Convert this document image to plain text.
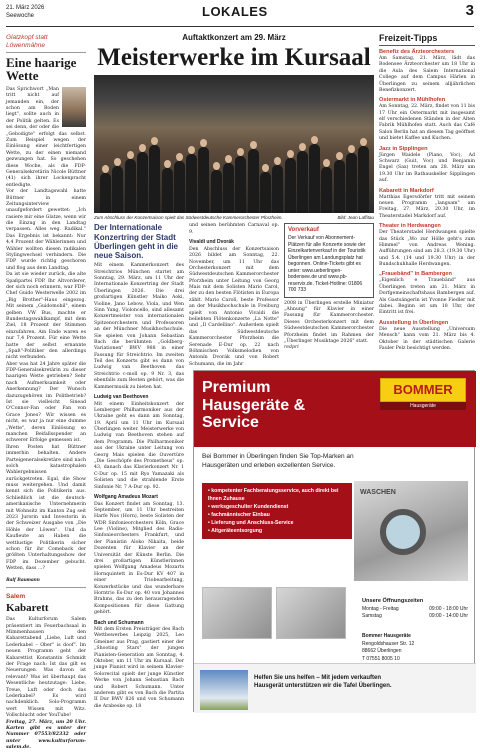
21. März 2026
Seewoche	LOKALES	3
Glatzkopf statt Löwenmähne
Eine haarige Wette

Das Sprichwort „Man tritt nicht auf jemanden ein, der schon am Boden liegt", sollte auch in der Politik gelten. Es sei denn, der oder die „Gebodigte" erfolgt das selbst. Zum Beispiel wegen der Einlösung einer leichtfertigen Wette, zu der einen niemand gezwungen hat. So geschehen diese Woche, als die FDP-Generalsekretärin Nicole Büttner (41) sich ihrer Lockenpracht entledigte.

Vor der Landtagswahl hatte Büttner in einem Zeitungsinterview unaufgefordert gewettet: „Ich rasiere mir eine Glatze, wenn wir die Einzug in den Landtag verpassen. Alles weg. Radikal." Das Ergebnis ist bekannt: Nur 4,4 Prozent der Wählerinnen und Wähler wollten diesen radikalen Stylingwechsel verhindern. Die FDP wurde richtig geschoren und flog aus dem Landtag.

Da ist sie wieder zurück, die alte Spaßpartei FDP. Ihr Altvorderer, der sich noch erinnern, war FDP-Chef Guido Westerwelle 2002 im „Big Brother"-Haus eingezog. Mit seinem „Guidomobil", einem gelben VW Bus, machte er Bundestagswahlkampf, mit dem Ziel, 18 Prozent der Stimmen einzufahren. Am Ende waren es nur 7,4 Prozent. Für eine Wette hatte der selbst ernannte „Spaß"-Politiker den allerdings nicht verbunden.

Aber was hat 24 Jahre später die FDP-Generalsekretärin zu dieser haarigen Wette getrieben? Sehr nach Aufmerksamkeit oder Anerkennung? Der Wunsch dazuzugehören im Politbetrieb? Ist sie vielleicht Sinead O'Connor-Fan oder Fan von Grace Jones? Wir wissen es nicht, es war ja nur eine dumme „Wette", deren Einlösung so manchen Beifallsspender an schwerer Erfolge gemessen ist.

Ihren Posten hat Büttner immerhin behalten. Andere Parteigeneralsekretäre sind nach solch katastrophalen Wahlergebnissen zurückgetreten. Egal, die Show muss weitergehen. Und damit kennt sich die Politikerin aus. Schließlich ist die deutsch-amerikanische Unternehmerin mit Wohnsitz im Kanton Zug seit 2023 Jurorin und Investorin in der Schweizer Ausgabe von „Die Höhle der Löwen". Und da Kaufleute an Haben die wettlustige Politikerin sicher schon für ihr Comeback der größten Unterhaltungsshow der FDP im Dezember gebucht. Wetten, dass ...?

Ralf Baumann
Salem
Kabarett

Das Kulturforum Salem präsentiert im Feuerbachsaal in Mimmenhausen den Kabarettabend „Liebe, Luft und Lederkabel – Ober" is doof". Im neuen Programm geht der Kabarettist Konstantin Schmidt der Frage nach: Ist das gilt es Neuerungen. Was davon ist relevant? Was ist überhaupt das Wesentliche heutzutage: Liebe, Treue, Luft oder doch das Lederkabel? Es wird nachdenklich. Solo-Programm wert Wissen mit Witz. Vollschlucht oder YouTube!

Freitag, 27. März, um 20 Uhr. Karten gibt es unter der Nummer 07553/82332 oder unter www.kulturforum-salem.de.

Auftaktkonzert am 29. März
Meisterwerke im Kursaal
Zum Abschluss der Konzertsaison spielt das Südwestdeutsche Kammerorchester Pforzheim.	Bild: Jean Laffitau
Der Internationale Konzertring der Stadt Überlingen geht in die neue Saison.

Mit einem Kammerkonzert des Streichtrios München startet am Sonntag, 29. März, um 11 Uhr der Internationale Konzertring der Stadt Überlingen 2026. Die drei großartigen Künstler Maiko Aoki, Violine, Jano Lebow, Viola, und Wen Sinn Yang, Violoncello, sind allesamt Konzertmeister von internationalen Spitzenorchestern und Professoren an der Münchner Musikhochschule. Sie spielen von Johann Sebastian Bach die berühmten „Goldberg-Variationen" BWV 988 in einer Fassung für Streichtrio. Im zweiten Teil des Konzerts gibt es dann von Ludwig van Beethoven das Streichtrio c-moll op. 9 Nr. 3, das ebenfalls zum Besten gehört, was die Kammermusik zu bieten hat.

Ludwig van Beethoven

Mit einem Einheitskonzert der Lemberger Philharmoniker aus der Ukraine geht es dann am Sonntag, 19. April um 11 Uhr im Kursaal Überlingen weiter. Meisterwerke von Ludwig van Beethoven stehen auf dem Programm. Die Philharmoniker aus der Ukraine unter Leitung von Georg Mais spielen die Ouvertüre „Die Geschöpfe des Prometheus" op. 43, danach das Klavierkonzert Nr. 1 C-Dur op. 15 mit Ryo Yamazaki als Solisten und die strahlende Erste Sinfonie Nr. 7 A-Dur op. 92.

Wolfgang Amadeus Mozart

Das Konzert findet am Sonntag, 13. September, um 11 Uhr bestreiten Harfe Nos (Horn), beste Solisten der WDR Sinfonieorchesters Köln, Grace Lee (Violine), Mitglied des Radio-Sinfonieorchesters Frankfurt, und der Pianistin Aloko Nikaita, beide Dozenten für Klavier an der Universität der Künste Berlin. Die drei großartigen Künstlerinnen spielen Wolfgang Amadeus Mozarts Hornquintett in Es-Dur KV 407 in einer Triobearbeitung, Konzerkstücke und das wunderbare Horntrio Es-Dur op. 40 von Johannes Brahms, das zu den herausragenden Kompositionen für diese Gattung gehört.

Bach und Schumann

Mit dem Ersten Preisträger des Bach Wettbewerbes Leipzig 2025, Leo Gmeiner aus Prag, gastiert einer der „Shooting Stars" der jungen Pianisten-Generation am Sonntag, 4. Oktober, um 11 Uhr im Kursaal. Der junge Pianist wird in seinem Klavier-Solorecital spielt der junge Künstler Werke von Johann Sebastian Bach und Robert Schumann. Unter anderem gibt es von Bach die Partita II Dur BWV 826 und von Schumann die Arabeske op. 18

und seinen berühmten Carnaval op. 9.

Vivaldi und Dvorák

Den Abschluss der Konzertsaison 2026 bildet am Sonntag, 22. November, um 11 Uhr das Orchesterkonzert mit dem Südwestdeutschen Kammerorchester Pforzheim unter Leitung von Georg Mais mit dem Solisten Mario Carol, der zu den besten Flötisten in Europa zählt. Mario Carolì, beste Professor an der Musikhochschule in Freiburg spielt von Antonio Vivaldi die beliebten Flötenkonzerte „La Notte" und „Il Cardellino". Außerdem spielt das Südwestdeutsche Kammerorchester Pforzheim die Serenade E-Dur op. 22 nach Böhmischen Volksmelodien von Antonín Dvorák und von Robert Schumann, die im Jahr

Vorverkauf
Der Verkauf von Abonnement-Plätzen für alle Konzerte sowie der Einzelkartenverkauf in der Touristik Überlingen am Landungsplatz hat begonnen. Online-Tickets gibt es unter: www.ueberlingen-bodensee.de und www.pb-reservix.de. Ticket-Hotline: 01806 700 733

2008 in Überlingen erstelle Miniatur „Ahnung" für Klavier in einer Fassung für Kammerorchester. Dieses Orchesterkonzert mit dem Südwestdeutschen Kammerorchester Pforzheim findet im Rahmen der „Überlinger Musiktage 2026" statt.

redpri

Freizeit-Tipps
Benefiz des Ärzteorchesters
Am Samstag, 21. März, lädt das Bodensee Ärzteorchester um 18 Uhr in die Aula des Salem International College auf dem Campus Härlen in Überlingen zu seinem alljährlichen Benefizkonzert.
Ostermarkt in Mühlhofen
Am Sonntag, 22. März, findet von 11 bis 17 Uhr ein Ostermarkt mit insgesamt elf verschiedenen Ständen in der Alten Fabrik Mühlhofen statt. Auch das Café Salon Berlin hat an diesem Tag geöffnet und bietet Kaffee und Kuchen.
Jazz in Sipplingen
Jürgen Waidele (Piano, Voc), Ad Schwarz (Guit, Voc) und Benjamin Engel (Sax) treten am 28. März um 19.30 Uhr im Rathauskeller Sipplingen auf.
Kabarett in Markdorf
Matthias Egersdörfer tritt mit seinem neuen Programm „langsam" am Freitag, 27. März, 20.30 Uhr, im Theaterstadel Markdorf auf.
Theater in Herdwangen
Der Theaterstadel Herdwangen spielte das Stück „Wo zur Hölle geht's zum Himmel" von Andreas Wening. Aufführungen sind am 28.3. (19.30 Uhr) und 5.4. (14 und 19.30 Uhr) in der Bundschuhhalle Herdwangen.
„Frauebänd" in Bambergen
„Eigenlich e Trauebänd" aus Überlingen treten am 21. März in Dorfgemeinschaftshaus Bambergen auf. Als Gastsängerin ist Yvonne Fiedler mit dabei. Beginn ist um 18 Uhr, der Eintritt ist frei.
Ausstellung in Überlingen
Die neue Ausstellung „Universum Mensch" kann vom 21. März bis 4. Oktober in der städtischen Galerie Fauler Pelz besichtigt werden.
Premium Hausgeräte & Service
BOMMER
Hausgeräte
Bei Bommer in Überlingen finden Sie Top-Marken an Hausgeräten und erleben exzellenten Service.
• kompetenter Fachberatungsservice, auch direkt bei Ihnen Zuhause
• werksgeschulter Kundendienst
• fachmännischer Einbau
• Lieferung und Anschluss-Service
• Altgeräteentsorgung
WASCHEN
Unsere Öffnungszeiten
Montag - Freitag	09:00 - 18:00 Uhr
Samstag	09:00 - 14:00 Uhr
Bommer Hausgeräte
Rengoldshauser Str. 12
88662 Überlingen
T 07551 8005 10
Helfen Sie uns helfen – Mit jedem verkauften Hausgerät unterstützen wir die Tafel Überlingen.
